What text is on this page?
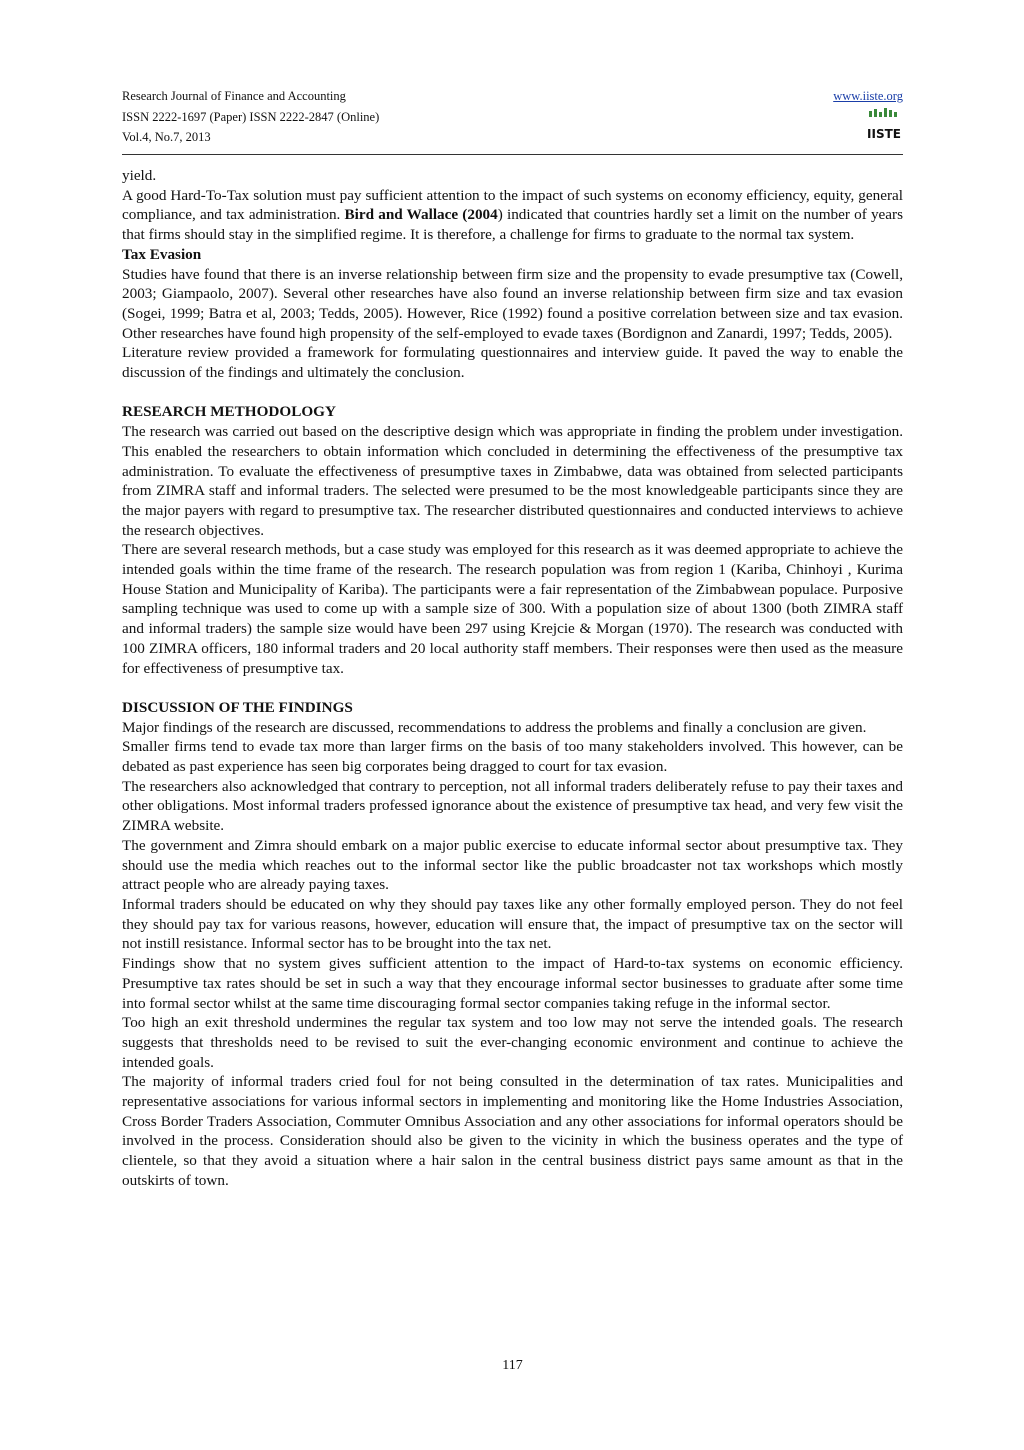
Research Journal of Finance and Accounting
ISSN 2222-1697 (Paper) ISSN 2222-2847 (Online)
Vol.4, No.7, 2013
www.iiste.org
IISTE

yield.

A good Hard-To-Tax solution must pay sufficient attention to the impact of such systems on economy efficiency, equity, general compliance, and tax administration. Bird and Wallace (2004) indicated that countries hardly set a limit on the number of years that firms should stay in the simplified regime. It is therefore, a challenge for firms to graduate to the normal tax system.

Tax Evasion

Studies have found that there is an inverse relationship between firm size and the propensity to evade presumptive tax (Cowell, 2003; Giampaolo, 2007). Several other researches have also found an inverse relationship between firm size and tax evasion (Sogei, 1999; Batra et al, 2003; Tedds, 2005). However, Rice (1992) found a positive correlation between size and tax evasion. Other researches have found high propensity of the self-employed to evade taxes (Bordignon and Zanardi, 1997; Tedds, 2005).

Literature review provided a framework for formulating questionnaires and interview guide. It paved the way to enable the discussion of the findings and ultimately the conclusion.

RESEARCH METHODOLOGY

The research was carried out based on the descriptive design which was appropriate in finding the problem under investigation. This enabled the researchers to obtain information which concluded in determining the effectiveness of the presumptive tax administration. To evaluate the effectiveness of presumptive taxes in Zimbabwe, data was obtained from selected participants from ZIMRA staff and informal traders. The selected were presumed to be the most knowledgeable participants since they are the major payers with regard to presumptive tax. The researcher distributed questionnaires and conducted interviews to achieve the research objectives.

There are several research methods, but a case study was employed for this research as it was deemed appropriate to achieve the intended goals within the time frame of the research. The research population was from region 1 (Kariba, Chinhoyi , Kurima House Station and Municipality of Kariba). The participants were a fair representation of the Zimbabwean populace. Purposive sampling technique was used to come up with a sample size of 300. With a population size of about 1300 (both ZIMRA staff and informal traders) the sample size would have been 297 using Krejcie & Morgan (1970). The research was conducted with 100 ZIMRA officers, 180 informal traders and 20 local authority staff members. Their responses were then used as the measure for effectiveness of presumptive tax.

DISCUSSION OF THE FINDINGS

Major findings of the research are discussed, recommendations to address the problems and finally a conclusion are given.

Smaller firms tend to evade tax more than larger firms on the basis of too many stakeholders involved. This however, can be debated as past experience has seen big corporates being dragged to court for tax evasion.

The researchers also acknowledged that contrary to perception, not all informal traders deliberately refuse to pay their taxes and other obligations. Most informal traders professed ignorance about the existence of presumptive tax head, and very few visit the ZIMRA website.

The government and Zimra should embark on a major public exercise to educate informal sector about presumptive tax. They should use the media which reaches out to the informal sector like the public broadcaster not tax workshops which mostly attract people who are already paying taxes.

Informal traders should be educated on why they should pay taxes like any other formally employed person. They do not feel they should pay tax for various reasons, however, education will ensure that, the impact of presumptive tax on the sector will not instill resistance. Informal sector has to be brought into the tax net.

Findings show that no system gives sufficient attention to the impact of Hard-to-tax systems on economic efficiency. Presumptive tax rates should be set in such a way that they encourage informal sector businesses to graduate after some time into formal sector whilst at the same time discouraging formal sector companies taking refuge in the informal sector.

Too high an exit threshold undermines the regular tax system and too low may not serve the intended goals. The research suggests that thresholds need to be revised to suit the ever-changing economic environment and continue to achieve the intended goals.

The majority of informal traders cried foul for not being consulted in the determination of tax rates. Municipalities and representative associations for various informal sectors in implementing and monitoring like the Home Industries Association, Cross Border Traders Association, Commuter Omnibus Association and any other associations for informal operators should be involved in the process. Consideration should also be given to the vicinity in which the business operates and the type of clientele, so that they avoid a situation where a hair salon in the central business district pays same amount as that in the outskirts of town.

117
